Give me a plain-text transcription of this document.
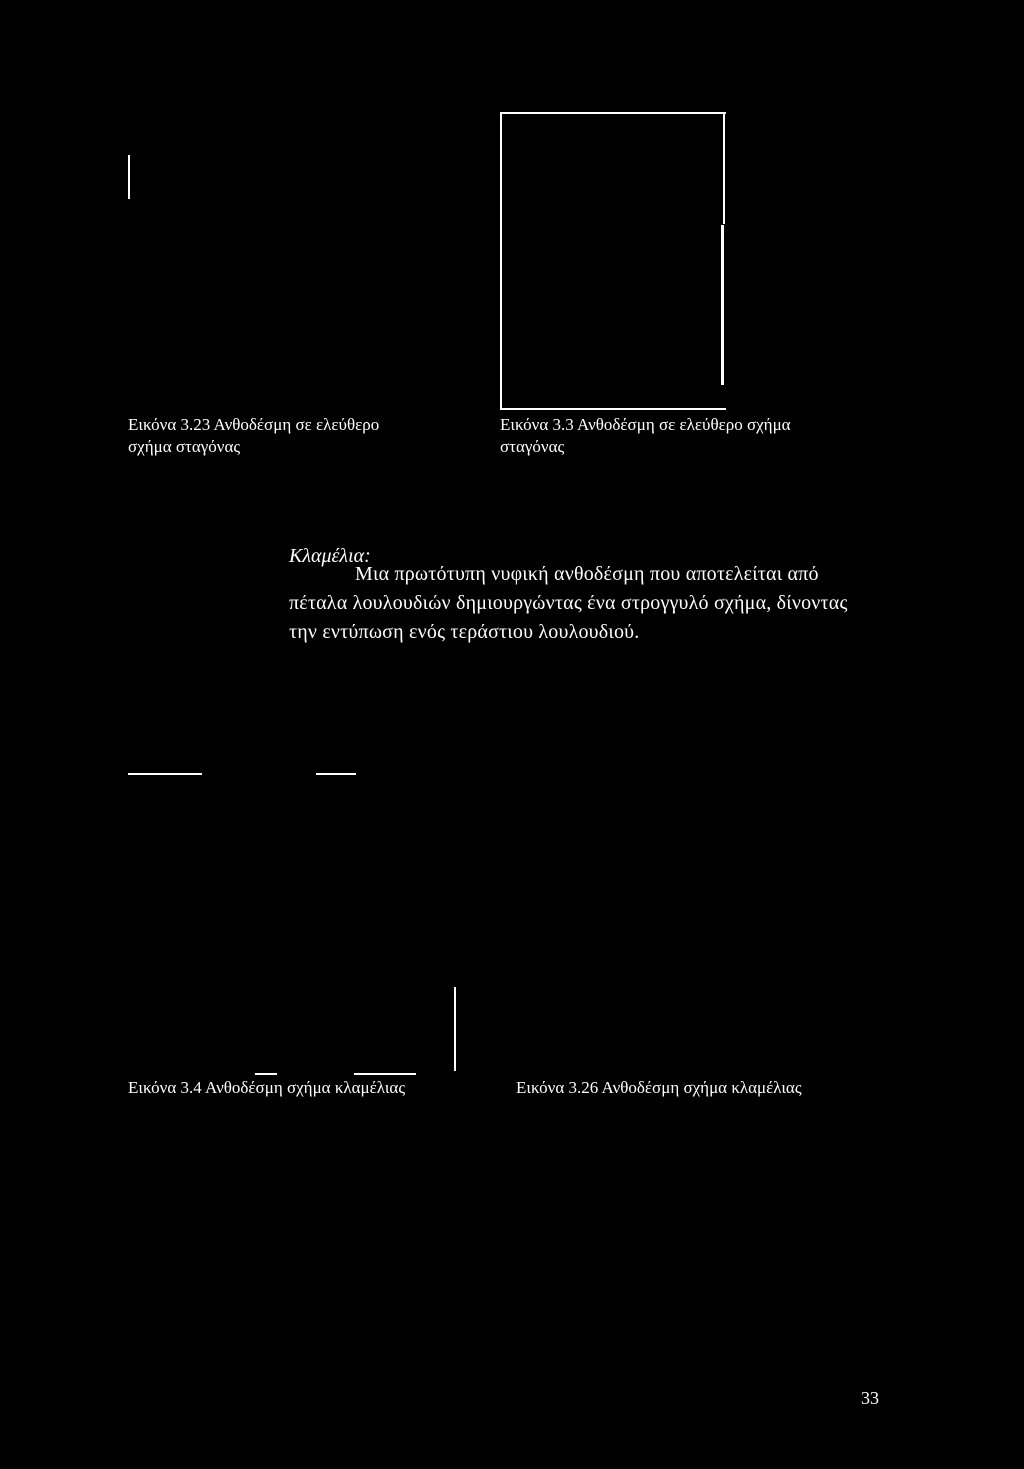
Εικόνα 3.23 Ανθοδέσμη σε ελεύθερο
σχήμα σταγόνας
Εικόνα 3.3 Ανθοδέσμη σε ελεύθερο σχήμα
σταγόνας
Κλαμέλια:
Μια πρωτότυπη νυφική ανθοδέσμη που αποτελείται από
πέταλα λουλουδιών δημιουργώντας ένα στρογγυλό σχήμα, δίνοντας
την εντύπωση ενός τεράστιου λουλουδιού.
Εικόνα 3.4 Ανθοδέσμη σχήμα κλαμέλιας	Εικόνα 3.26 Ανθοδέσμη σχήμα κλαμέλιας
33
